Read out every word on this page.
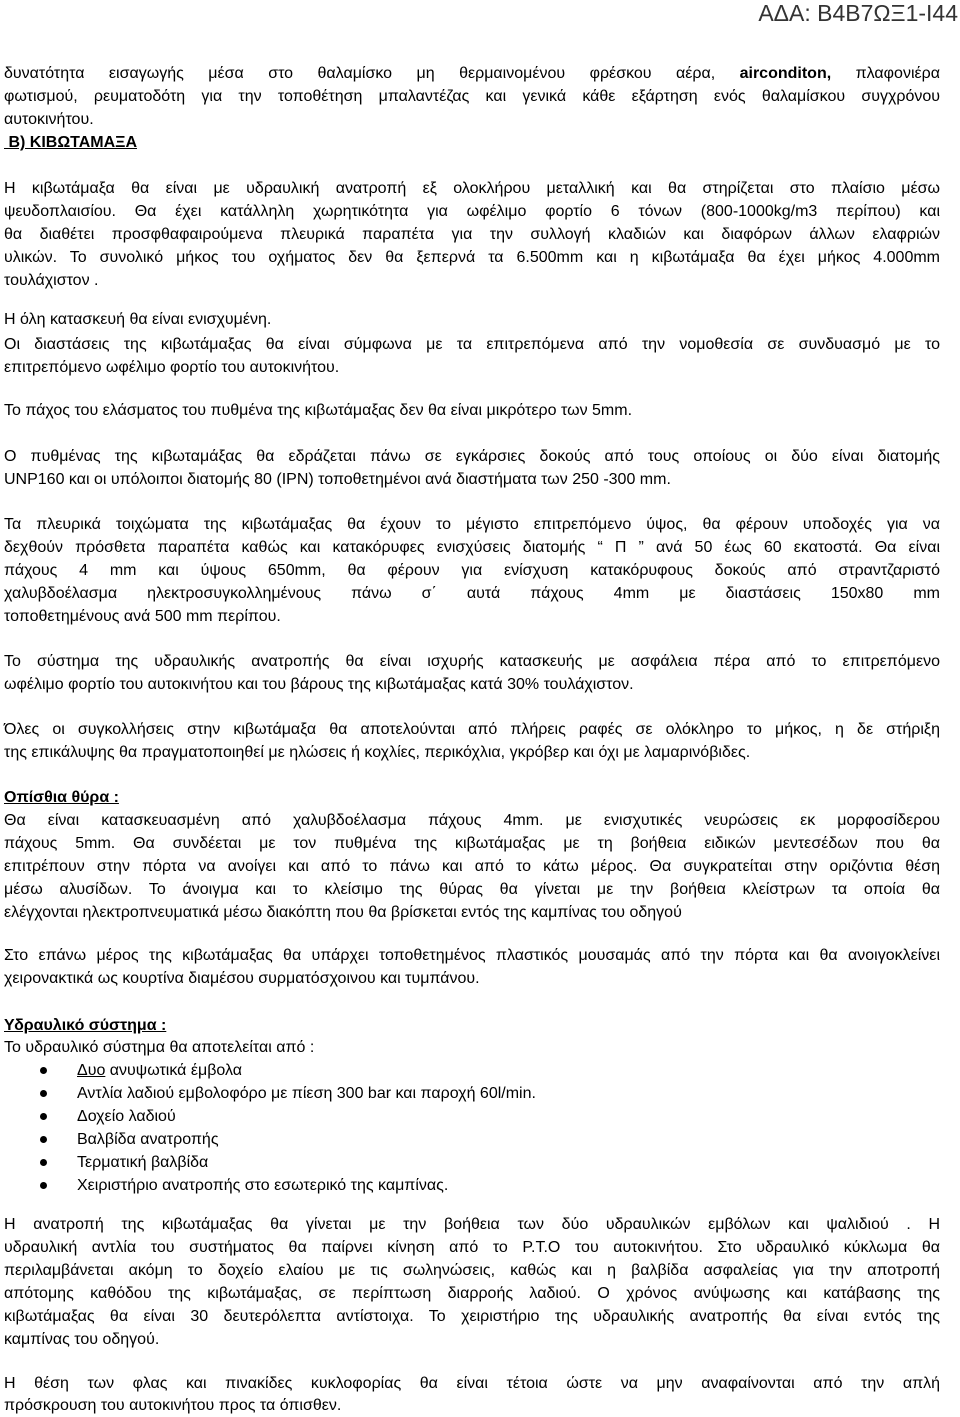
ΑΔΑ: Β4Β7ΩΞ1-Ι44
δυνατότητα εισαγωγής μέσα στο θαλαμίσκο μη θερμαινομένου φρέσκου αέρα, airconditon, πλαφονιέρα
φωτισμού, ρευματοδότη για την τοποθέτηση μπαλαντέζας και γενικά κάθε εξάρτηση ενός θαλαμίσκου συγχρόνου
αυτοκινήτου.
Β) ΚΙΒΩΤΑΜΑΞΑ
Η κιβωτάμαξα θα είναι με υδραυλική ανατροπή εξ ολοκλήρου μεταλλική και θα στηρίζεται στο πλαίσιο μέσω
ψευδοπλαισίου. Θα έχει κατάλληλη χωρητικότητα για ωφέλιμο φορτίο 6 τόνων (800-1000kg/m3 περίπου) και
θα διαθέτει προσφθαφαιρούμενα πλευρικά παραπέτα για την συλλογή κλαδιών και διαφόρων άλλων ελαφριών
υλικών. Το συνολικό μήκος του οχήματος δεν θα ξεπερνά τα 6.500mm και η κιβωτάμαξα θα έχει μήκος 4.000mm
τουλάχιστον .
Η όλη κατασκευή θα είναι ενισχυμένη.
Οι διαστάσεις της κιβωτάμαξας θα είναι σύμφωνα με τα επιτρεπόμενα από την νομοθεσία σε συνδυασμό με το
επιτρεπόμενο ωφέλιμο φορτίο του αυτοκινήτου.
Το πάχος του ελάσματος του πυθμένα της κιβωτάμαξας δεν θα είναι μικρότερο των 5mm.
Ο πυθμένας της κιβωταμάξας θα εδράζεται πάνω σε εγκάρσιες δοκούς από τους οποίους οι δύο είναι διατομής
UNP160 και οι υπόλοιποι διατομής 80 (IPN) τοποθετημένοι ανά διαστήματα των 250 -300 mm.
Τα πλευρικά τοιχώματα της κιβωτάμαξας θα έχουν το μέγιστο επιτρεπόμενο ύψος, θα φέρουν υποδοχές για να
δεχθούν πρόσθετα παραπέτα καθώς και κατακόρυφες ενισχύσεις διατομής “ Π ” ανά 50 έως 60 εκατοστά. Θα είναι
πάχους 4 mm και ύψους 650mm, θα φέρουν για ενίσχυση κατακόρυφους δοκούς από στραντζαριστό
χαλυβδοέλασμα ηλεκτροσυγκολλημένους πάνω σ΄ αυτά πάχους 4mm με διαστάσεις 150x80 mm
τοποθετημένους ανά 500 mm περίπου.
Το σύστημα της υδραυλικής ανατροπής θα είναι ισχυρής κατασκευής με ασφάλεια πέρα από το επιτρεπόμενο
ωφέλιμο φορτίο του αυτοκινήτου και του βάρους της κιβωτάμαξας κατά 30% τουλάχιστον.
Όλες οι συγκολλήσεις στην κιβωτάμαξα θα αποτελούνται από πλήρεις ραφές σε ολόκληρο το μήκος, η δε στήριξη
της επικάλυψης θα πραγματοποιηθεί με ηλώσεις ή κοχλίες, περικόχλια, γκρόβερ και όχι με λαμαρινόβιδες.
Οπίσθια θύρα :
Θα είναι κατασκευασμένη από χαλυβδοέλασμα πάχους 4mm. με ενισχυτικές νευρώσεις εκ μορφοσίδερου
πάχους 5mm. Θα συνδέεται με τον πυθμένα της κιβωτάμαξας με τη βοήθεια ειδικών μεντεσέδων που θα
επιτρέπουν στην πόρτα να ανοίγει και από το πάνω και από το κάτω μέρος. Θα συγκρατείται στην οριζόντια θέση
μέσω αλυσίδων. Το άνοιγμα και το κλείσιμο της θύρας θα γίνεται με την βοήθεια κλείστρων τα οποία θα
ελέγχονται ηλεκτροπνευματικά μέσω διακόπτη που θα βρίσκεται εντός της καμπίνας του οδηγού
Στο επάνω μέρος της κιβωτάμαξας θα υπάρχει τοποθετημένος πλαστικός μουσαμάς από την πόρτα και θα ανοιγοκλείνει
χειρονακτικά ως κουρτίνα διαμέσου συρματόσχοινου και τυμπάνου.
Υδραυλικό σύστημα :
Το υδραυλικό σύστημα θα αποτελείται από :
Δυο ανυψωτικά έμβολα
Αντλία λαδιού εμβολοφόρο με πίεση 300 bar και παροχή 60l/min.
Δοχείο λαδιού
Βαλβίδα ανατροπής
Τερματική βαλβίδα
Χειριστήριο ανατροπής στο εσωτερικό της καμπίνας.
Η ανατροπή της κιβωτάμαξας θα γίνεται με την βοήθεια των δύο υδραυλικών εμβόλων και ψαλιδιού . Η
υδραυλική αντλία του συστήματος θα παίρνει κίνηση από το Ρ.Τ.Ο του αυτοκινήτου. Στο υδραυλικό κύκλωμα θα
περιλαμβάνεται ακόμη το δοχείο ελαίου με τις σωληνώσεις, καθώς και η βαλβίδα ασφαλείας για την αποτροπή
απότομης καθόδου της κιβωτάμαξας, σε περίπτωση διαρροής λαδιού. Ο χρόνος ανύψωσης και κατάβασης της
κιβωτάμαξας θα είναι 30 δευτερόλεπτα αντίστοιχα. Το χειριστήριο της υδραυλικής ανατροπής θα είναι εντός της
καμπίνας του οδηγού.
Η θέση των φλας και πινακίδες κυκλοφορίας θα είναι τέτοια ώστε να μην αναφαίνονται από την απλή
πρόσκρουση του αυτοκινήτου προς τα όπισθεν.
